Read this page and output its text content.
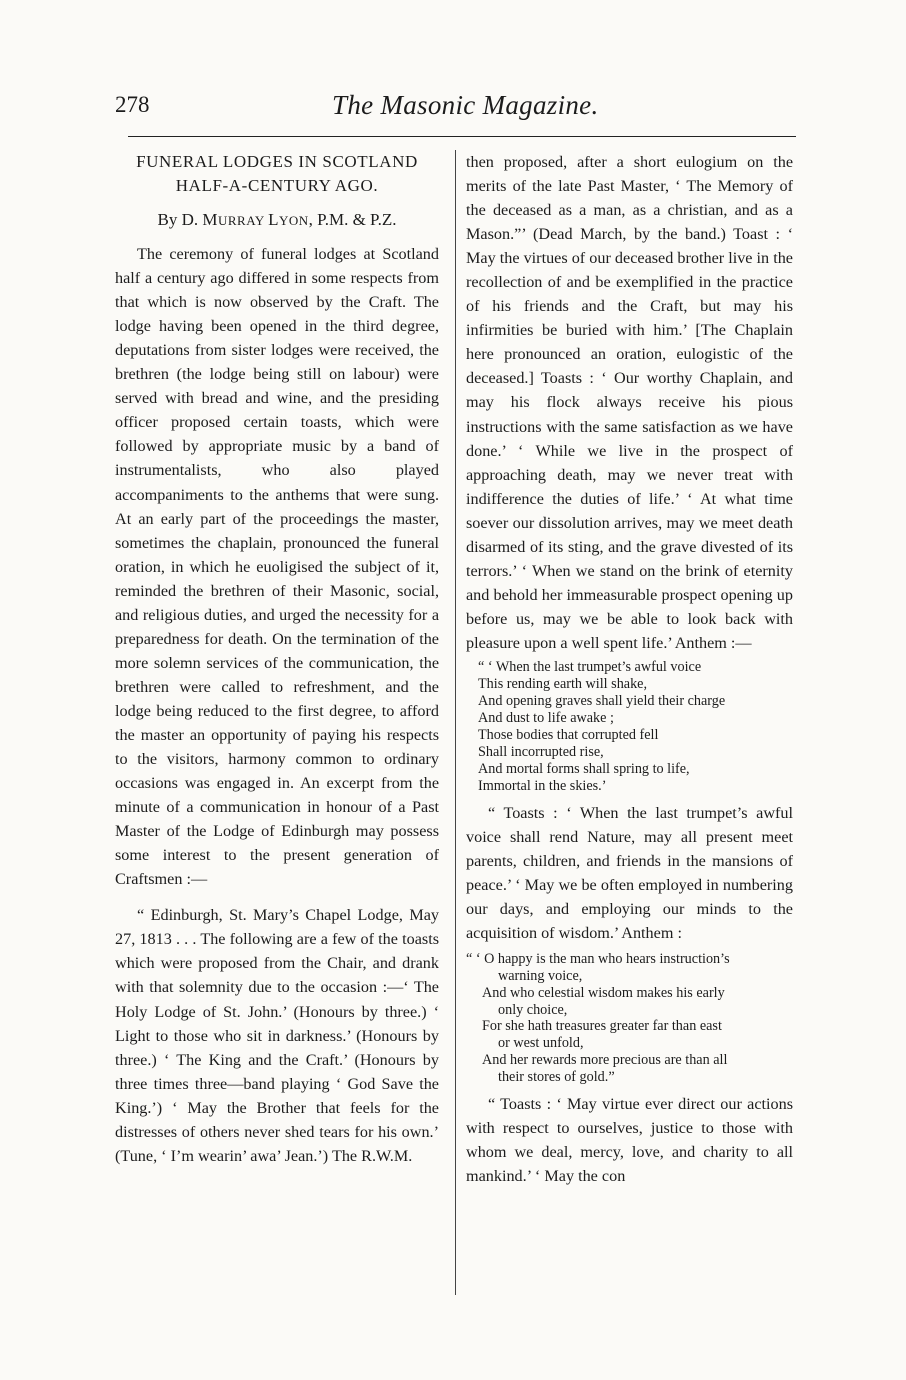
278	The Masonic Magazine.
FUNERAL LODGES IN SCOTLAND
HALF-A-CENTURY AGO.
By D. MURRAY LYON, P.M. & P.Z.

The ceremony of funeral lodges at Scotland half a century ago differed in some respects from that which is now observed by the Craft. The lodge having been opened in the third degree, deputations from sister lodges were received, the brethren (the lodge being still on labour) were served with bread and wine, and the presiding officer proposed certain toasts, which were followed by appropriate music by a band of instrumentalists, who also played accompaniments to the anthems that were sung. At an early part of the proceedings the master, sometimes the chaplain, pronounced the funeral oration, in which he euoligised the subject of it, reminded the brethren of their Masonic, social, and religious duties, and urged the necessity for a preparedness for death. On the termination of the more solemn services of the communication, the brethren were called to refreshment, and the lodge being reduced to the first degree, to afford the master an opportunity of paying his respects to the visitors, harmony common to ordinary occasions was engaged in. An excerpt from the minute of a communication in honour of a Past Master of the Lodge of Edinburgh may possess some interest to the present generation of Craftsmen :—

“ Edinburgh, St. Mary’s Chapel Lodge, May 27, 1813 . . . The following are a few of the toasts which were proposed from the Chair, and drank with that solemnity due to the occasion :—‘ The Holy Lodge of St. John.’ (Honours by three.) ‘ Light to those who sit in darkness.’ (Honours by three.) ‘ The King and the Craft.’ (Honours by three times three—band playing ‘ God Save the King.’) ‘ May the Brother that feels for the distresses of others never shed tears for his own.’ (Tune, ‘ I’m wearin’ awa’ Jean.’) The R.W.M.

then proposed, after a short eulogium on the merits of the late Past Master, ‘ The Memory of the deceased as a man, as a christian, and as a Mason.”’ (Dead March, by the band.) Toast : ‘ May the virtues of our deceased brother live in the recollection of and be exemplified in the practice of his friends and the Craft, but may his infirmities be buried with him.’ [The Chaplain here pronounced an oration, eulogistic of the deceased.] Toasts : ‘ Our worthy Chaplain, and may his flock always receive his pious instructions with the same satisfaction as we have done.’ ‘ While we live in the prospect of approaching death, may we never treat with indifference the duties of life.’ ‘ At what time soever our dissolution arrives, may we meet death disarmed of its sting, and the grave divested of its terrors.’ ‘ When we stand on the brink of eternity and behold her immeasurable prospect opening up before us, may we be able to look back with pleasure upon a well spent life.’ Anthem :—

“ ‘ When the last trumpet’s awful voice
This rending earth will shake,
And opening graves shall yield their charge
And dust to life awake ;
Those bodies that corrupted fell
Shall incorrupted rise,
And mortal forms shall spring to life,
Immortal in the skies.’

“ Toasts : ‘ When the last trumpet’s awful voice shall rend Nature, may all present meet parents, children, and friends in the mansions of peace.’ ‘ May we be often employed in numbering our days, and employing our minds to the acquisition of wisdom.’ Anthem :

“ ‘ O happy is the man who hears instruction’s
warning voice,
And who celestial wisdom makes his early
only choice,
For she hath treasures greater far than east
or west unfold,
And her rewards more precious are than all
their stores of gold.”

“ Toasts : ‘ May virtue ever direct our actions with respect to ourselves, justice to those with whom we deal, mercy, love, and charity to all mankind.’ ‘ May the con
